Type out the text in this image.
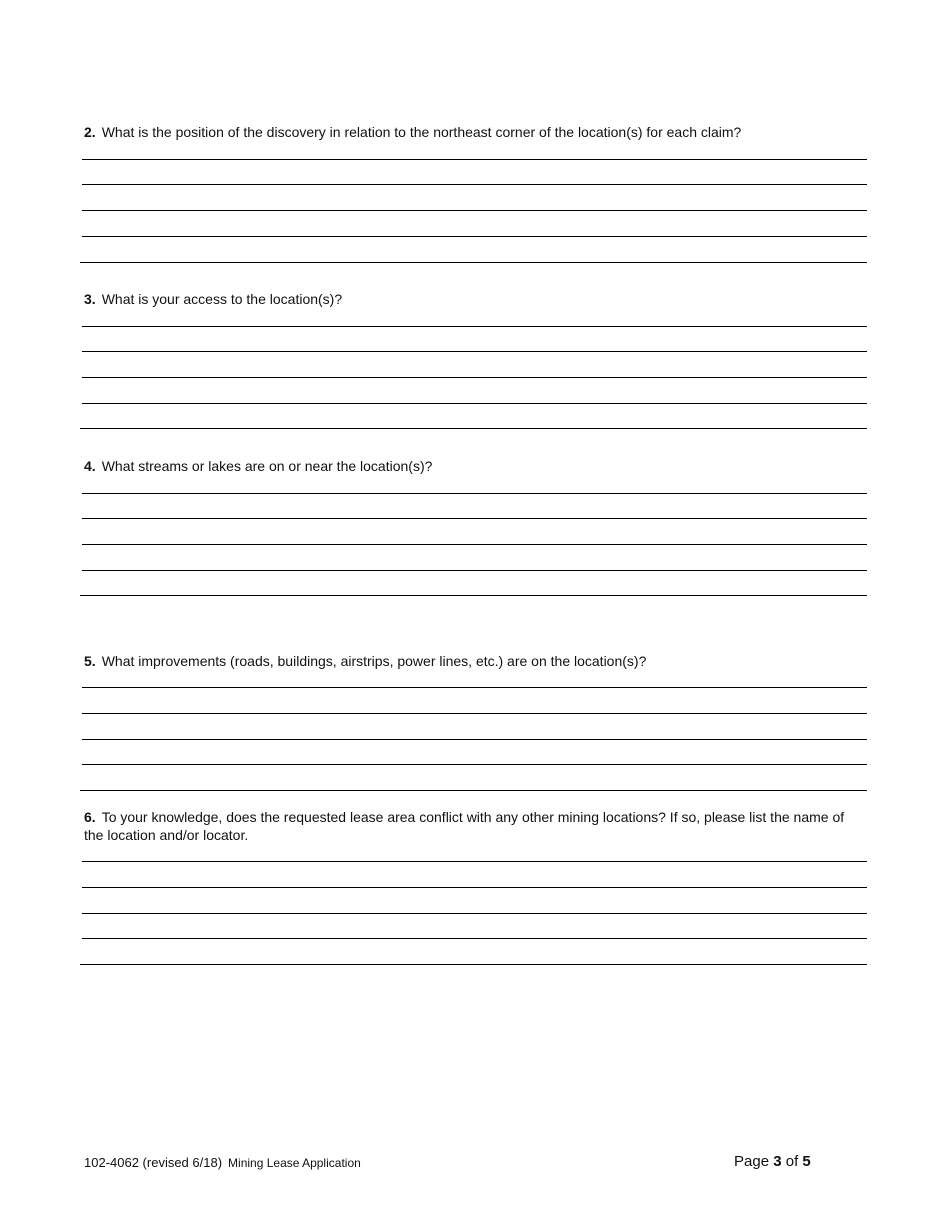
2. What is the position of the discovery in relation to the northeast corner of the location(s) for each claim?
3. What is your access to the location(s)?
4. What streams or lakes are on or near the location(s)?
5. What improvements (roads, buildings, airstrips, power lines, etc.) are on the location(s)?
6. To your knowledge, does the requested lease area conflict with any other mining locations? If so, please list the name of the location and/or locator.
102-4062 (revised 6/18) Mining Lease Application	Page 3 of 5
